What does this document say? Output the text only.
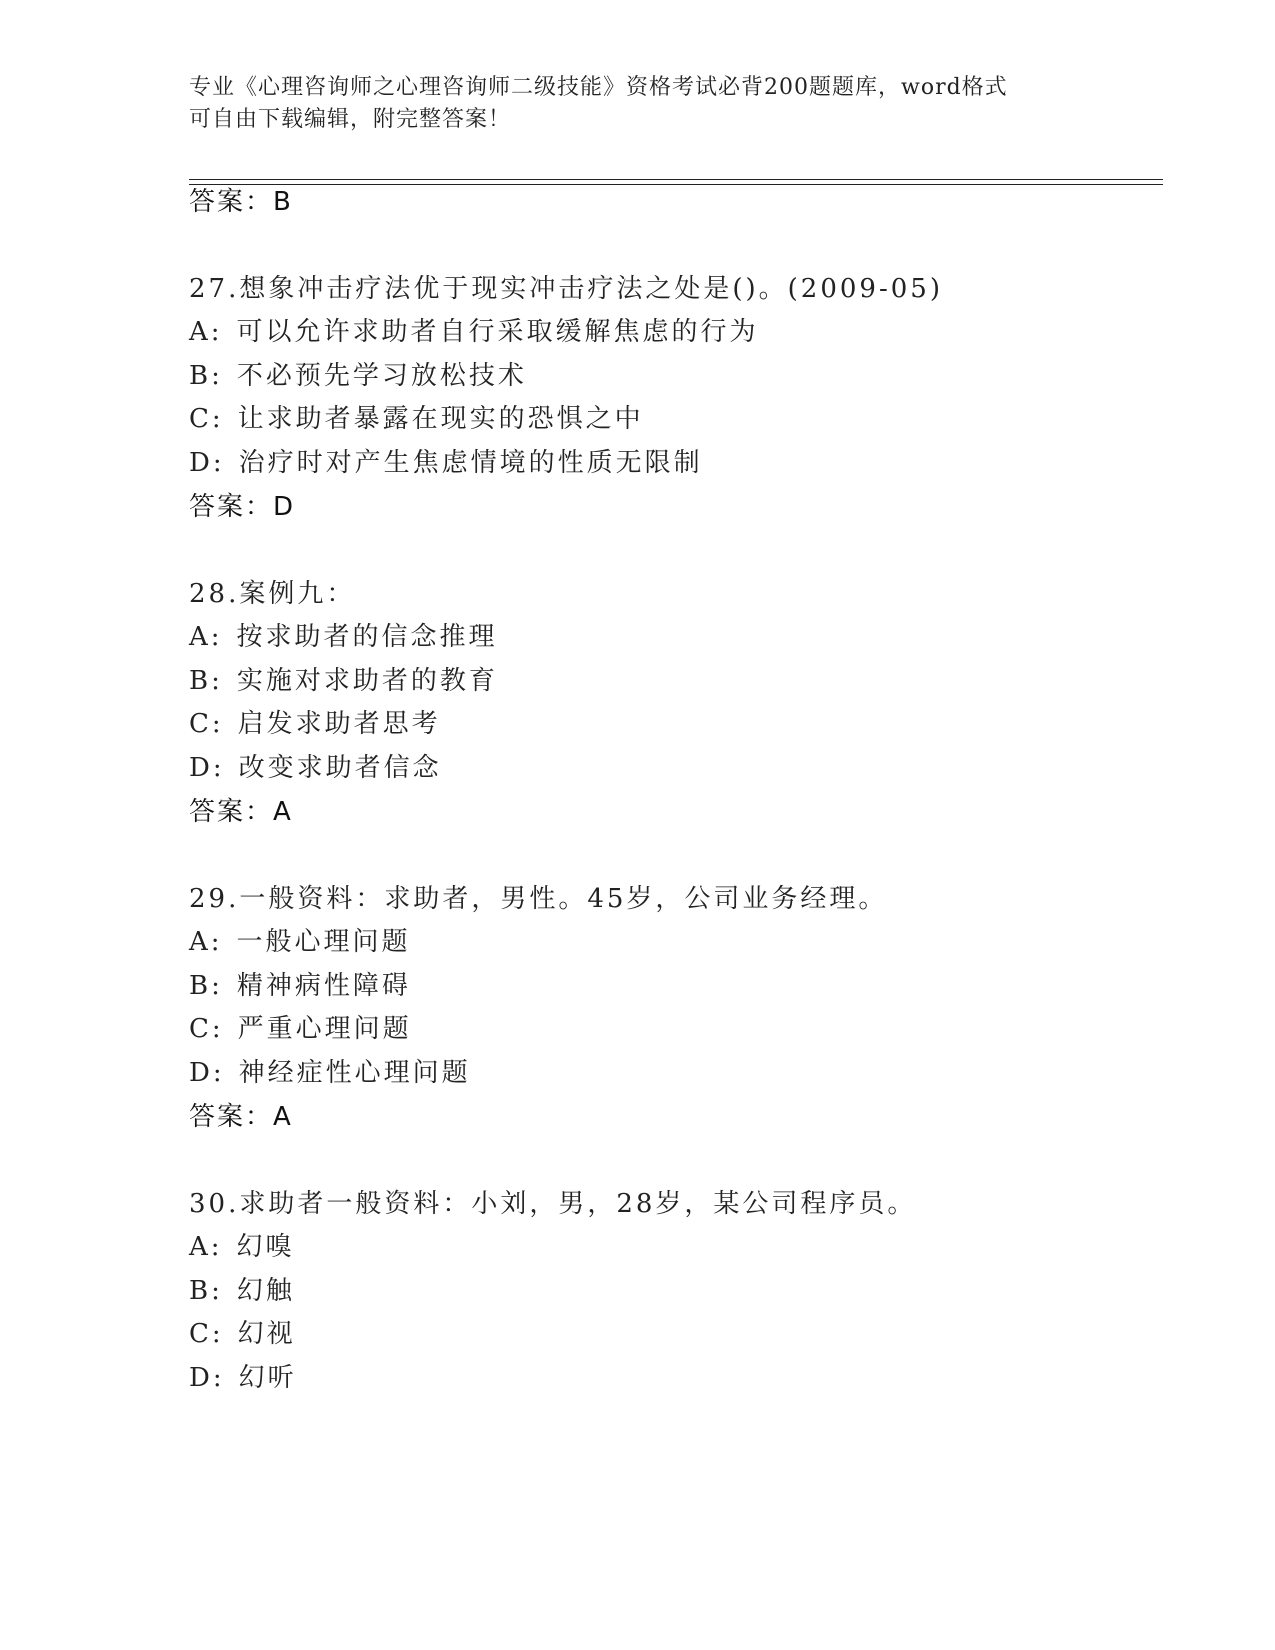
专业《心理咨询师之心理咨询师二级技能》资格考试必背200题题库，word格式
可自由下载编辑，附完整答案！
答案：B
27.想象冲击疗法优于现实冲击疗法之处是()。(2009-05)
A: 可以允许求助者自行采取缓解焦虑的行为
B: 不必预先学习放松技术
C: 让求助者暴露在现实的恐惧之中
D: 治疗时对产生焦虑情境的性质无限制
答案：D
28.案例九：
A: 按求助者的信念推理
B: 实施对求助者的教育
C: 启发求助者思考
D: 改变求助者信念
答案：A
29.一般资料：求助者，男性。45岁，公司业务经理。
A: 一般心理问题
B: 精神病性障碍
C: 严重心理问题
D: 神经症性心理问题
答案：A
30.求助者一般资料：小刘，男，28岁，某公司程序员。
A: 幻嗅
B: 幻触
C: 幻视
D: 幻听
